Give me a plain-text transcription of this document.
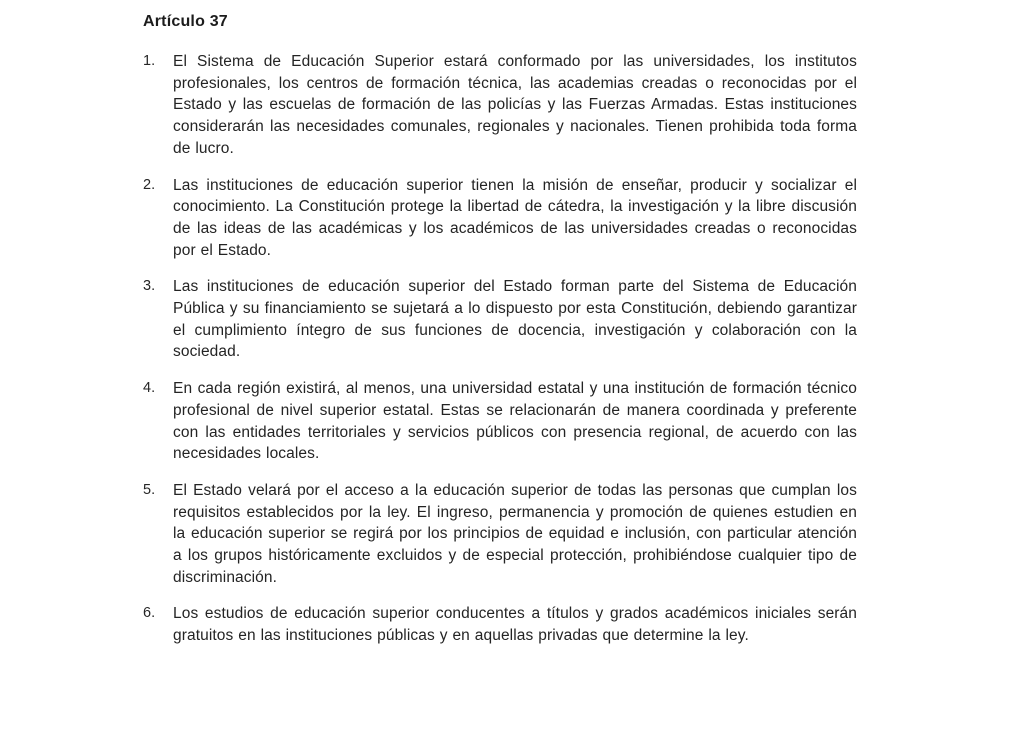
Artículo 37
1.	El Sistema de Educación Superior estará conformado por las universidades, los institutos profesionales, los centros de formación técnica, las academias creadas o reconocidas por el Estado y las escuelas de formación de las policías y las Fuerzas Armadas. Estas instituciones considerarán las necesidades comunales, regionales y nacionales. Tienen prohibida toda forma de lucro.

2.	Las instituciones de educación superior tienen la misión de enseñar, producir y socializar el conocimiento. La Constitución protege la libertad de cátedra, la investigación y la libre discusión de las ideas de las académicas y los académicos de las universidades creadas o reconocidas por el Estado.

3.	Las instituciones de educación superior del Estado forman parte del Sistema de Educación Pública y su financiamiento se sujetará a lo dispuesto por esta Constitución, debiendo garantizar el cumplimiento íntegro de sus funciones de docencia, investigación y colaboración con la sociedad.

4.	En cada región existirá, al menos, una universidad estatal y una institución de formación técnico profesional de nivel superior estatal. Estas se relacionarán de manera coordinada y preferente con las entidades territoriales y servicios públicos con presencia regional, de acuerdo con las necesidades locales.

5.	El Estado velará por el acceso a la educación superior de todas las personas que cumplan los requisitos establecidos por la ley. El ingreso, permanencia y promoción de quienes estudien en la educación superior se regirá por los principios de equidad e inclusión, con particular atención a los grupos históricamente excluidos y de especial protección, prohibiéndose cualquier tipo de discriminación.

6.	Los estudios de educación superior conducentes a títulos y grados académicos iniciales serán gratuitos en las instituciones públicas y en aquellas privadas que determine la ley.
